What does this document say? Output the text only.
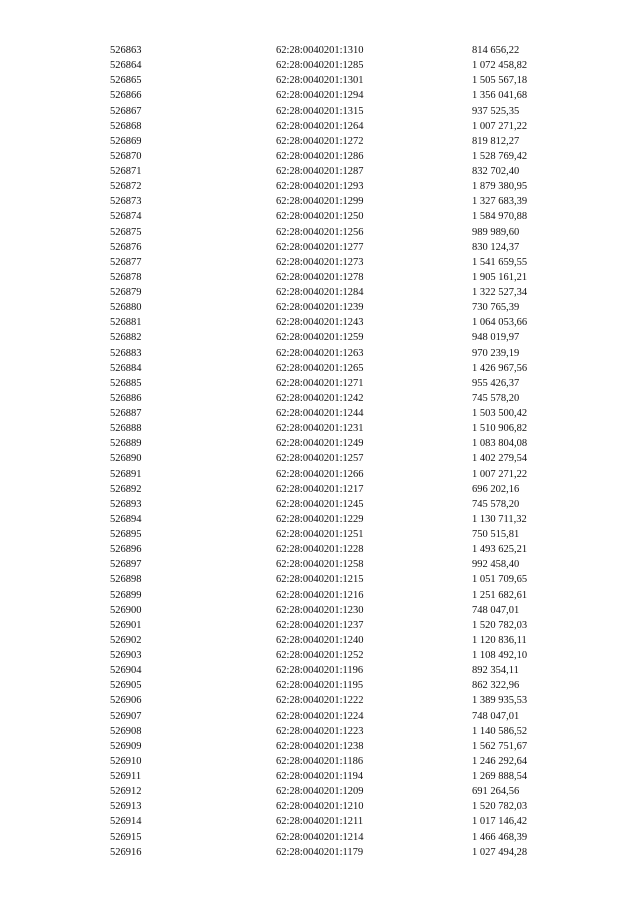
526863	62:28:0040201:1310	814 656,22
526864	62:28:0040201:1285	1 072 458,82
526865	62:28:0040201:1301	1 505 567,18
526866	62:28:0040201:1294	1 356 041,68
526867	62:28:0040201:1315	937 525,35
526868	62:28:0040201:1264	1 007 271,22
526869	62:28:0040201:1272	819 812,27
526870	62:28:0040201:1286	1 528 769,42
526871	62:28:0040201:1287	832 702,40
526872	62:28:0040201:1293	1 879 380,95
526873	62:28:0040201:1299	1 327 683,39
526874	62:28:0040201:1250	1 584 970,88
526875	62:28:0040201:1256	989 989,60
526876	62:28:0040201:1277	830 124,37
526877	62:28:0040201:1273	1 541 659,55
526878	62:28:0040201:1278	1 905 161,21
526879	62:28:0040201:1284	1 322 527,34
526880	62:28:0040201:1239	730 765,39
526881	62:28:0040201:1243	1 064 053,66
526882	62:28:0040201:1259	948 019,97
526883	62:28:0040201:1263	970 239,19
526884	62:28:0040201:1265	1 426 967,56
526885	62:28:0040201:1271	955 426,37
526886	62:28:0040201:1242	745 578,20
526887	62:28:0040201:1244	1 503 500,42
526888	62:28:0040201:1231	1 510 906,82
526889	62:28:0040201:1249	1 083 804,08
526890	62:28:0040201:1257	1 402 279,54
526891	62:28:0040201:1266	1 007 271,22
526892	62:28:0040201:1217	696 202,16
526893	62:28:0040201:1245	745 578,20
526894	62:28:0040201:1229	1 130 711,32
526895	62:28:0040201:1251	750 515,81
526896	62:28:0040201:1228	1 493 625,21
526897	62:28:0040201:1258	992 458,40
526898	62:28:0040201:1215	1 051 709,65
526899	62:28:0040201:1216	1 251 682,61
526900	62:28:0040201:1230	748 047,01
526901	62:28:0040201:1237	1 520 782,03
526902	62:28:0040201:1240	1 120 836,11
526903	62:28:0040201:1252	1 108 492,10
526904	62:28:0040201:1196	892 354,11
526905	62:28:0040201:1195	862 322,96
526906	62:28:0040201:1222	1 389 935,53
526907	62:28:0040201:1224	748 047,01
526908	62:28:0040201:1223	1 140 586,52
526909	62:28:0040201:1238	1 562 751,67
526910	62:28:0040201:1186	1 246 292,64
526911	62:28:0040201:1194	1 269 888,54
526912	62:28:0040201:1209	691 264,56
526913	62:28:0040201:1210	1 520 782,03
526914	62:28:0040201:1211	1 017 146,42
526915	62:28:0040201:1214	1 466 468,39
526916	62:28:0040201:1179	1 027 494,28
